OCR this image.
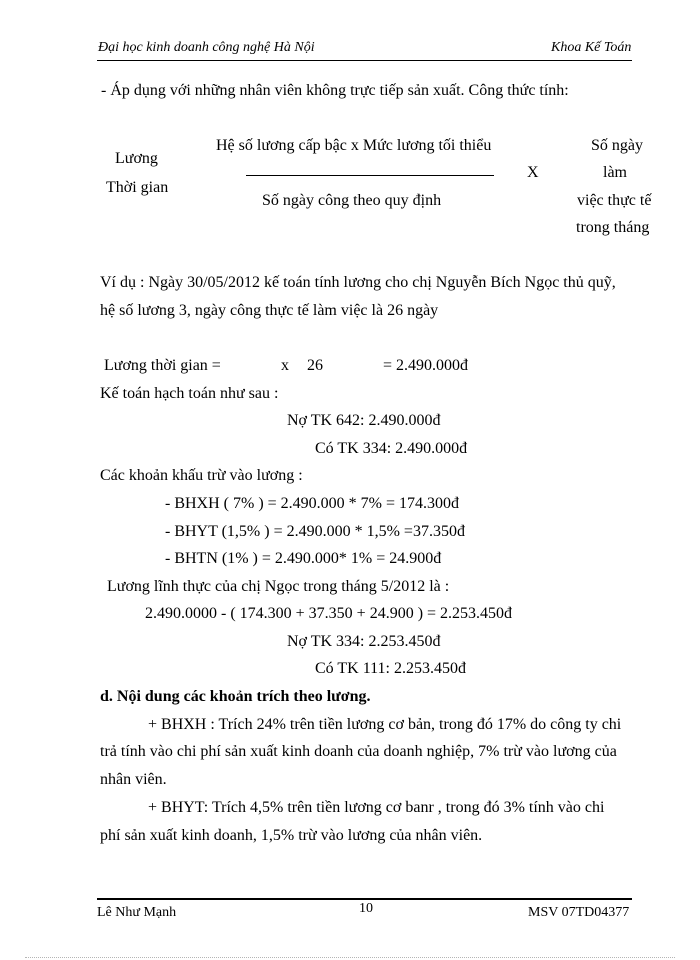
Đại học kinh doanh công nghệ Hà Nội	Khoa Kế Toán
- Áp dụng với những nhân viên không trực tiếp sản xuất. Công thức tính:
Lương
Thời gian
Hệ số lương cấp bậc x Mức lương tối thiểu
Số ngày công theo quy định
X
Số ngày
làm
việc thực tế
trong tháng
Ví dụ : Ngày 30/05/2012 kế toán tính lương cho chị Nguyễn Bích Ngọc thủ quỹ,
hệ số lương 3, ngày công thực tế làm việc là 26 ngày
Lương thời gian =	x 26	= 2.490.000đ
Kế toán hạch toán như sau :
Nợ TK 642: 2.490.000đ
Có TK 334: 2.490.000đ
Các khoản khấu trừ vào lương :
- BHXH ( 7% ) = 2.490.000 * 7% = 174.300đ
- BHYT (1,5% ) = 2.490.000 * 1,5% =37.350đ
- BHTN (1% ) = 2.490.000* 1% = 24.900đ
Lương lĩnh thực của chị Ngọc trong tháng 5/2012 là :
2.490.0000 - ( 174.300 + 37.350 + 24.900 ) = 2.253.450đ
Nợ TK 334: 2.253.450đ
Có TK 111: 2.253.450đ
d. Nội dung các khoản trích theo lương.
+ BHXH : Trích 24% trên tiền lương cơ bản, trong đó 17% do công ty chi
trả tính vào chi phí sản xuất kinh doanh của doanh nghiệp, 7% trừ vào lương của
nhân viên.
+ BHYT: Trích 4,5% trên tiền lương cơ banr , trong đó 3% tính vào chi
phí sản xuất kinh doanh, 1,5% trừ vào lương của nhân viên.
Lê Như Mạnh	10	MSV 07TD04377
